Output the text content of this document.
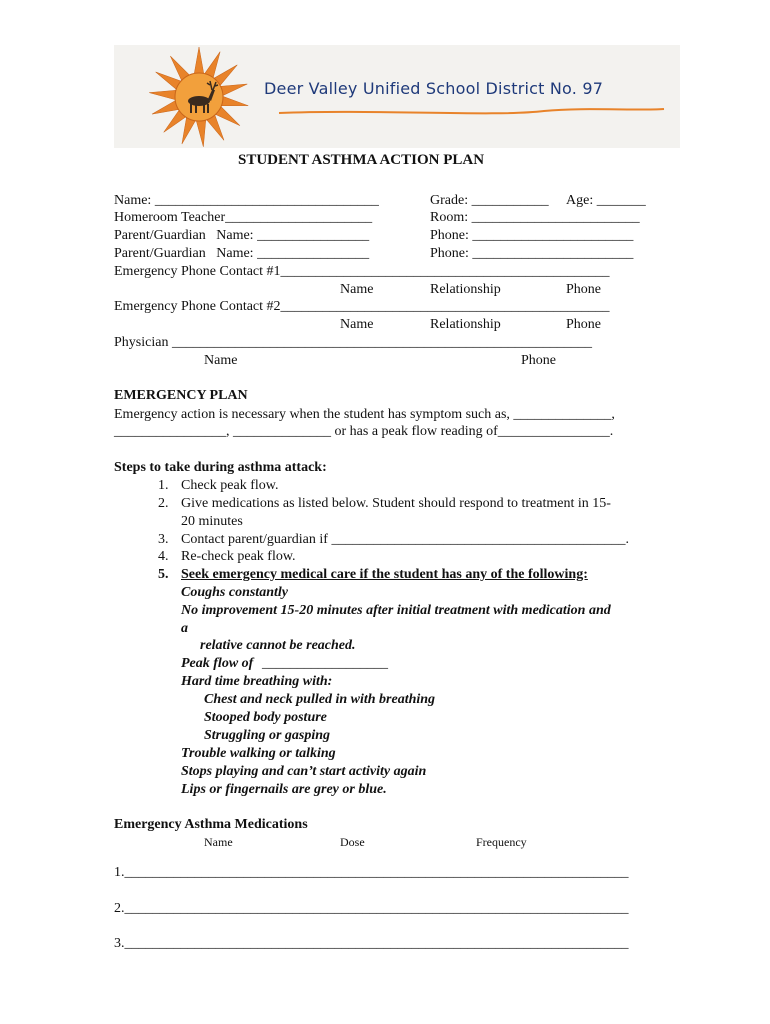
Deer Valley Unified School District No. 97
STUDENT ASTHMA ACTION PLAN
Name: ________________________________	Grade: ___________ Age: _______
Homeroom Teacher_____________________	Room: ________________________
Parent/Guardian   Name: ________________	Phone: _______________________
Parent/Guardian   Name: ________________	Phone: _______________________
Emergency Phone Contact #1_______________________________________________
Name	Relationship	Phone
Emergency Phone Contact #2_______________________________________________
Name	Relationship	Phone
Physician ____________________________________________________________
Name	Phone
EMERGENCY PLAN
Emergency action is necessary when the student has symptom such as, ______________,
________________, ______________ or has a peak flow reading of________________.
Steps to take during asthma attack:
1. Check peak flow.
2. Give medications as listed below. Student should respond to treatment in 15-
20 minutes
3. Contact parent/guardian if __________________________________________.
4. Re-check peak flow.
5. Seek emergency medical care if the student has any of the following:
Coughs constantly
No improvement 15-20 minutes after initial treatment with medication and
a
relative cannot be reached.
Peak flow of __________________
Hard time breathing with:
Chest and neck pulled in with breathing
Stooped body posture
Struggling or gasping
Trouble walking or talking
Stops playing and can’t start activity again
Lips or fingernails are grey or blue.
Emergency Asthma Medications
Name	Dose	Frequency
1.________________________________________________________________________
2.________________________________________________________________________
3.________________________________________________________________________
